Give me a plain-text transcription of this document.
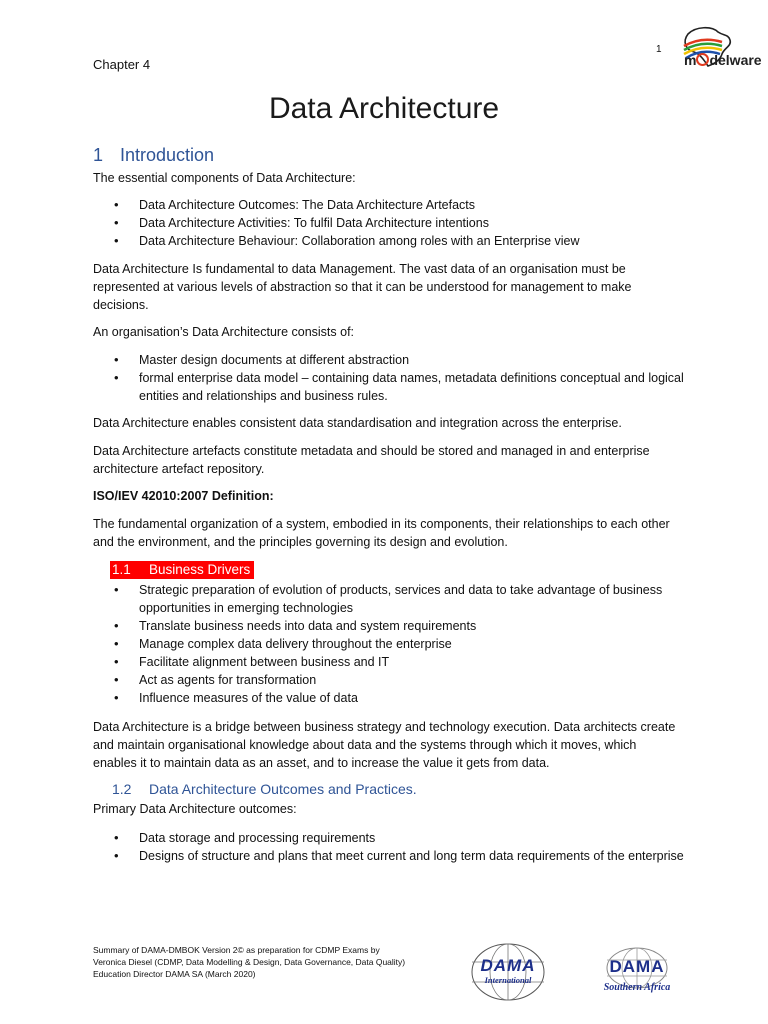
Chapter 4
1
m delware
Data Architecture
1 Introduction
The essential components of Data Architecture:
• Data Architecture Outcomes: The Data Architecture Artefacts
• Data Architecture Activities: To fulfil Data Architecture intentions
• Data Architecture Behaviour: Collaboration among roles with an Enterprise view
Data Architecture Is fundamental to data Management. The vast data of an organisation must be represented at various levels of abstraction so that it can be understood for management to make decisions.
An organisation’s Data Architecture consists of:
• Master design documents at different abstraction
• formal enterprise data model – containing data names, metadata definitions conceptual and logical entities and relationships and business rules.
Data Architecture enables consistent data standardisation and integration across the enterprise.
Data Architecture artefacts constitute metadata and should be stored and managed in and enterprise architecture artefact repository.
ISO/IEV 42010:2007 Definition:
The fundamental organization of a system, embodied in its components, their relationships to each other and the environment, and the principles governing its design and evolution.
1.1 Business Drivers
• Strategic preparation of evolution of products, services and data to take advantage of business opportunities in emerging technologies
• Translate business needs into data and system requirements
• Manage complex data delivery throughout the enterprise
• Facilitate alignment between business and IT
• Act as agents for transformation
• Influence measures of the value of data
Data Architecture is a bridge between business strategy and technology execution. Data architects create and maintain organisational knowledge about data and the systems through which it moves, which enables it to maintain data as an asset, and to increase the value it gets from data.
1.2 Data Architecture Outcomes and Practices.
Primary Data Architecture outcomes:
• Data storage and processing requirements
• Designs of structure and plans that meet current and long term data requirements of the enterprise
Summary of DAMA-DMBOK Version 2© as preparation for CDMP Exams by
Veronica Diesel (CDMP, Data Modelling & Design, Data Governance, Data Quality)
Education Director DAMA SA (March 2020)	DAMA
International
DAMA
Southern Africa
